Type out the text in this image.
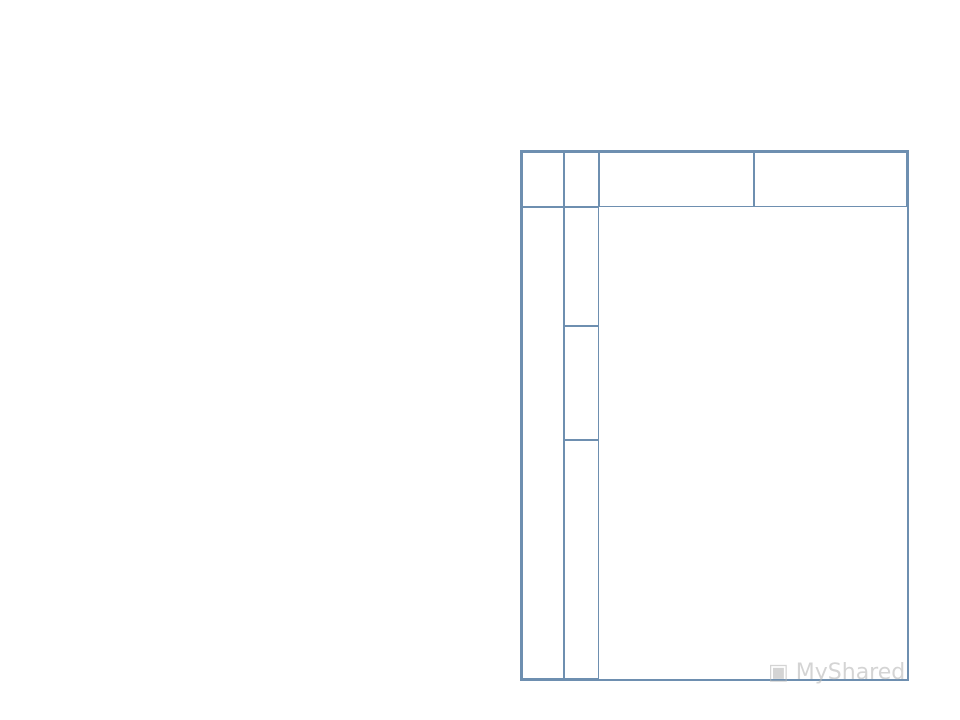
▣ MyShared
